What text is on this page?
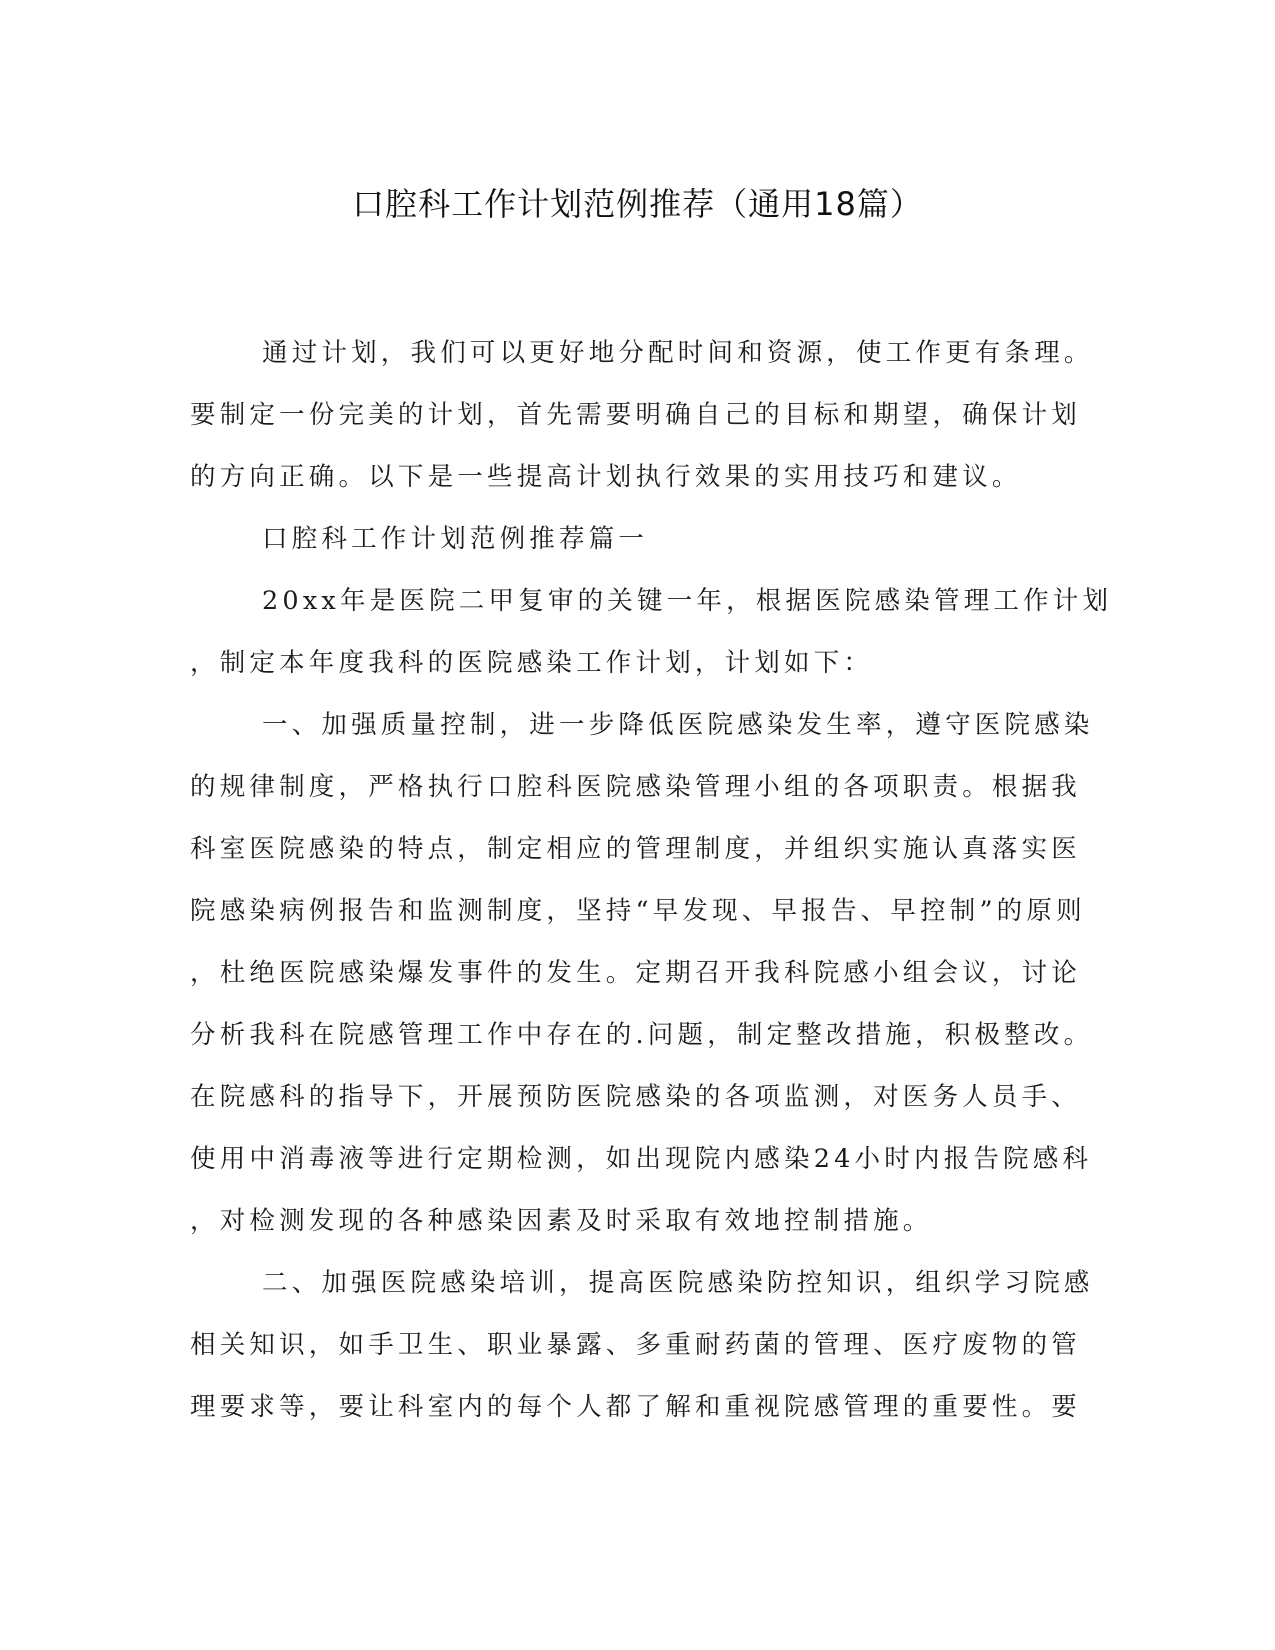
口腔科工作计划范例推荐（通用18篇）
通过计划，我们可以更好地分配时间和资源，使工作更有条理。
要制定一份完美的计划，首先需要明确自己的目标和期望，确保计划
的方向正确。以下是一些提高计划执行效果的实用技巧和建议。
口腔科工作计划范例推荐篇一
20xx年是医院二甲复审的关键一年，根据医院感染管理工作计划
，制定本年度我科的医院感染工作计划，计划如下：
一、加强质量控制，进一步降低医院感染发生率，遵守医院感染
的规律制度，严格执行口腔科医院感染管理小组的各项职责。根据我
科室医院感染的特点，制定相应的管理制度，并组织实施认真落实医
院感染病例报告和监测制度，坚持“早发现、早报告、早控制”的原则
，杜绝医院感染爆发事件的发生。定期召开我科院感小组会议，讨论
分析我科在院感管理工作中存在的.问题，制定整改措施，积极整改。
在院感科的指导下，开展预防医院感染的各项监测，对医务人员手、
使用中消毒液等进行定期检测，如出现院内感染24小时内报告院感科
，对检测发现的各种感染因素及时采取有效地控制措施。
二、加强医院感染培训，提高医院感染防控知识，组织学习院感
相关知识，如手卫生、职业暴露、多重耐药菌的管理、医疗废物的管
理要求等，要让科室内的每个人都了解和重视院感管理的重要性。要
